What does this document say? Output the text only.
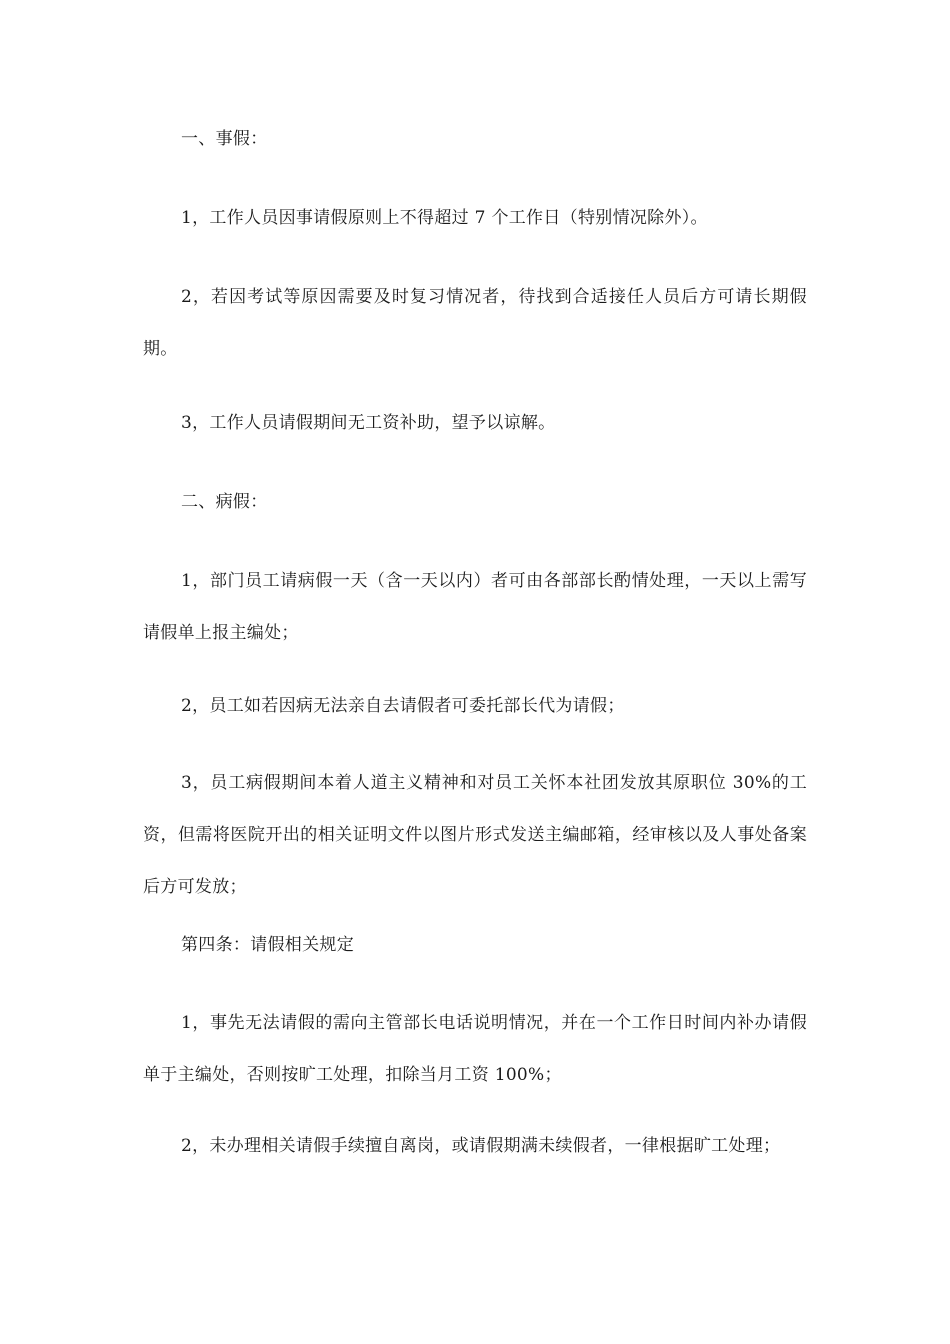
一、事假：

1，工作人员因事请假原则上不得超过 7 个工作日（特别情况除外）。

2，若因考试等原因需要及时复习情况者，待找到合适接任人员后方可请长期假期。

3，工作人员请假期间无工资补助，望予以谅解。

二、病假：

1，部门员工请病假一天（含一天以内）者可由各部部长酌情处理，一天以上需写请假单上报主编处；

2，员工如若因病无法亲自去请假者可委托部长代为请假；

3，员工病假期间本着人道主义精神和对员工关怀本社团发放其原职位 30%的工资，但需将医院开出的相关证明文件以图片形式发送主编邮箱，经审核以及人事处备案后方可发放；

第四条：请假相关规定

1，事先无法请假的需向主管部长电话说明情况，并在一个工作日时间内补办请假单于主编处，否则按旷工处理，扣除当月工资 100%；

2，未办理相关请假手续擅自离岗，或请假期满未续假者，一律根据旷工处理；
